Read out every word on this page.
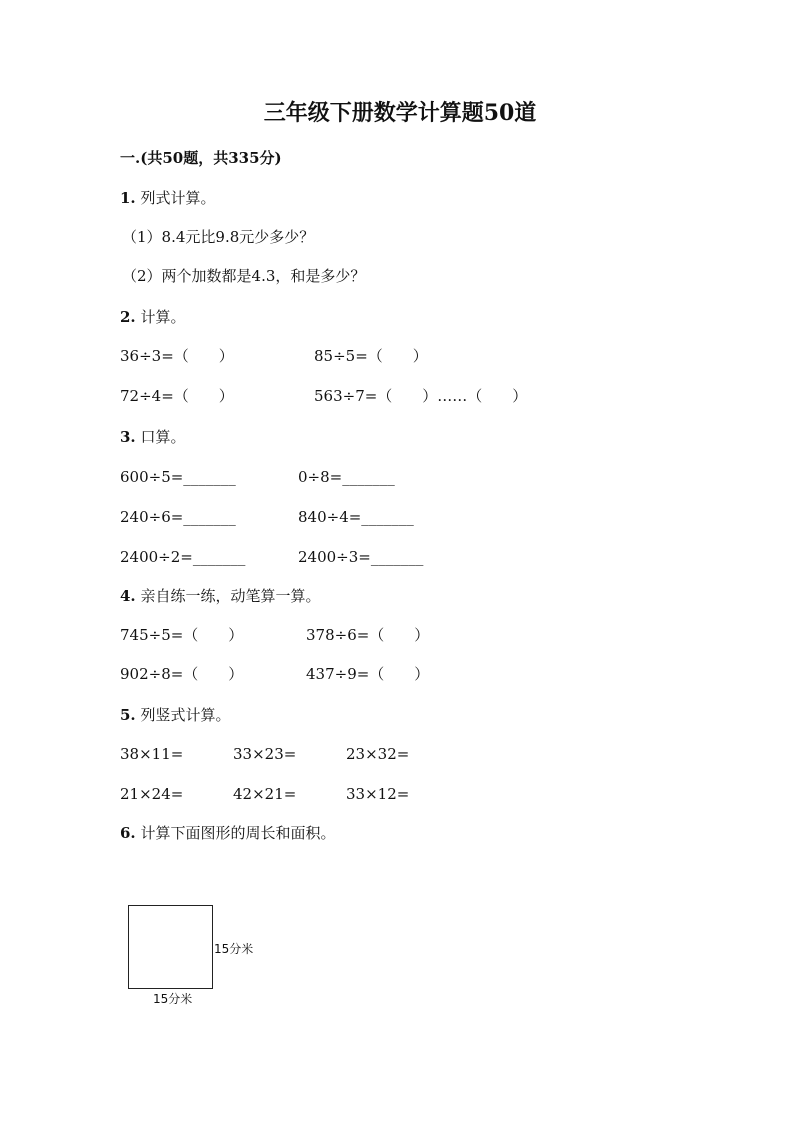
三年级下册数学计算题50道
一.(共50题，共335分)
1. 列式计算。
（1）8.4元比9.8元少多少？
（2）两个加数都是4.3，和是多少？
2. 计算。
36÷3=（　　）	85÷5=（　　）
72÷4=（　　）	563÷7=（　　）……（　　）
3. 口算。
600÷5=_______	0÷8=_______
240÷6=_______	840÷4=_______
2400÷2=_______	2400÷3=_______
4. 亲自练一练，动笔算一算。
745÷5=（　　）	378÷6=（　　）
902÷8=（　　）	437÷9=（　　）
5. 列竖式计算。
38×11=	33×23=	23×32=
21×24=	42×21=	33×12=
6. 计算下面图形的周长和面积。
15分米
15分米
